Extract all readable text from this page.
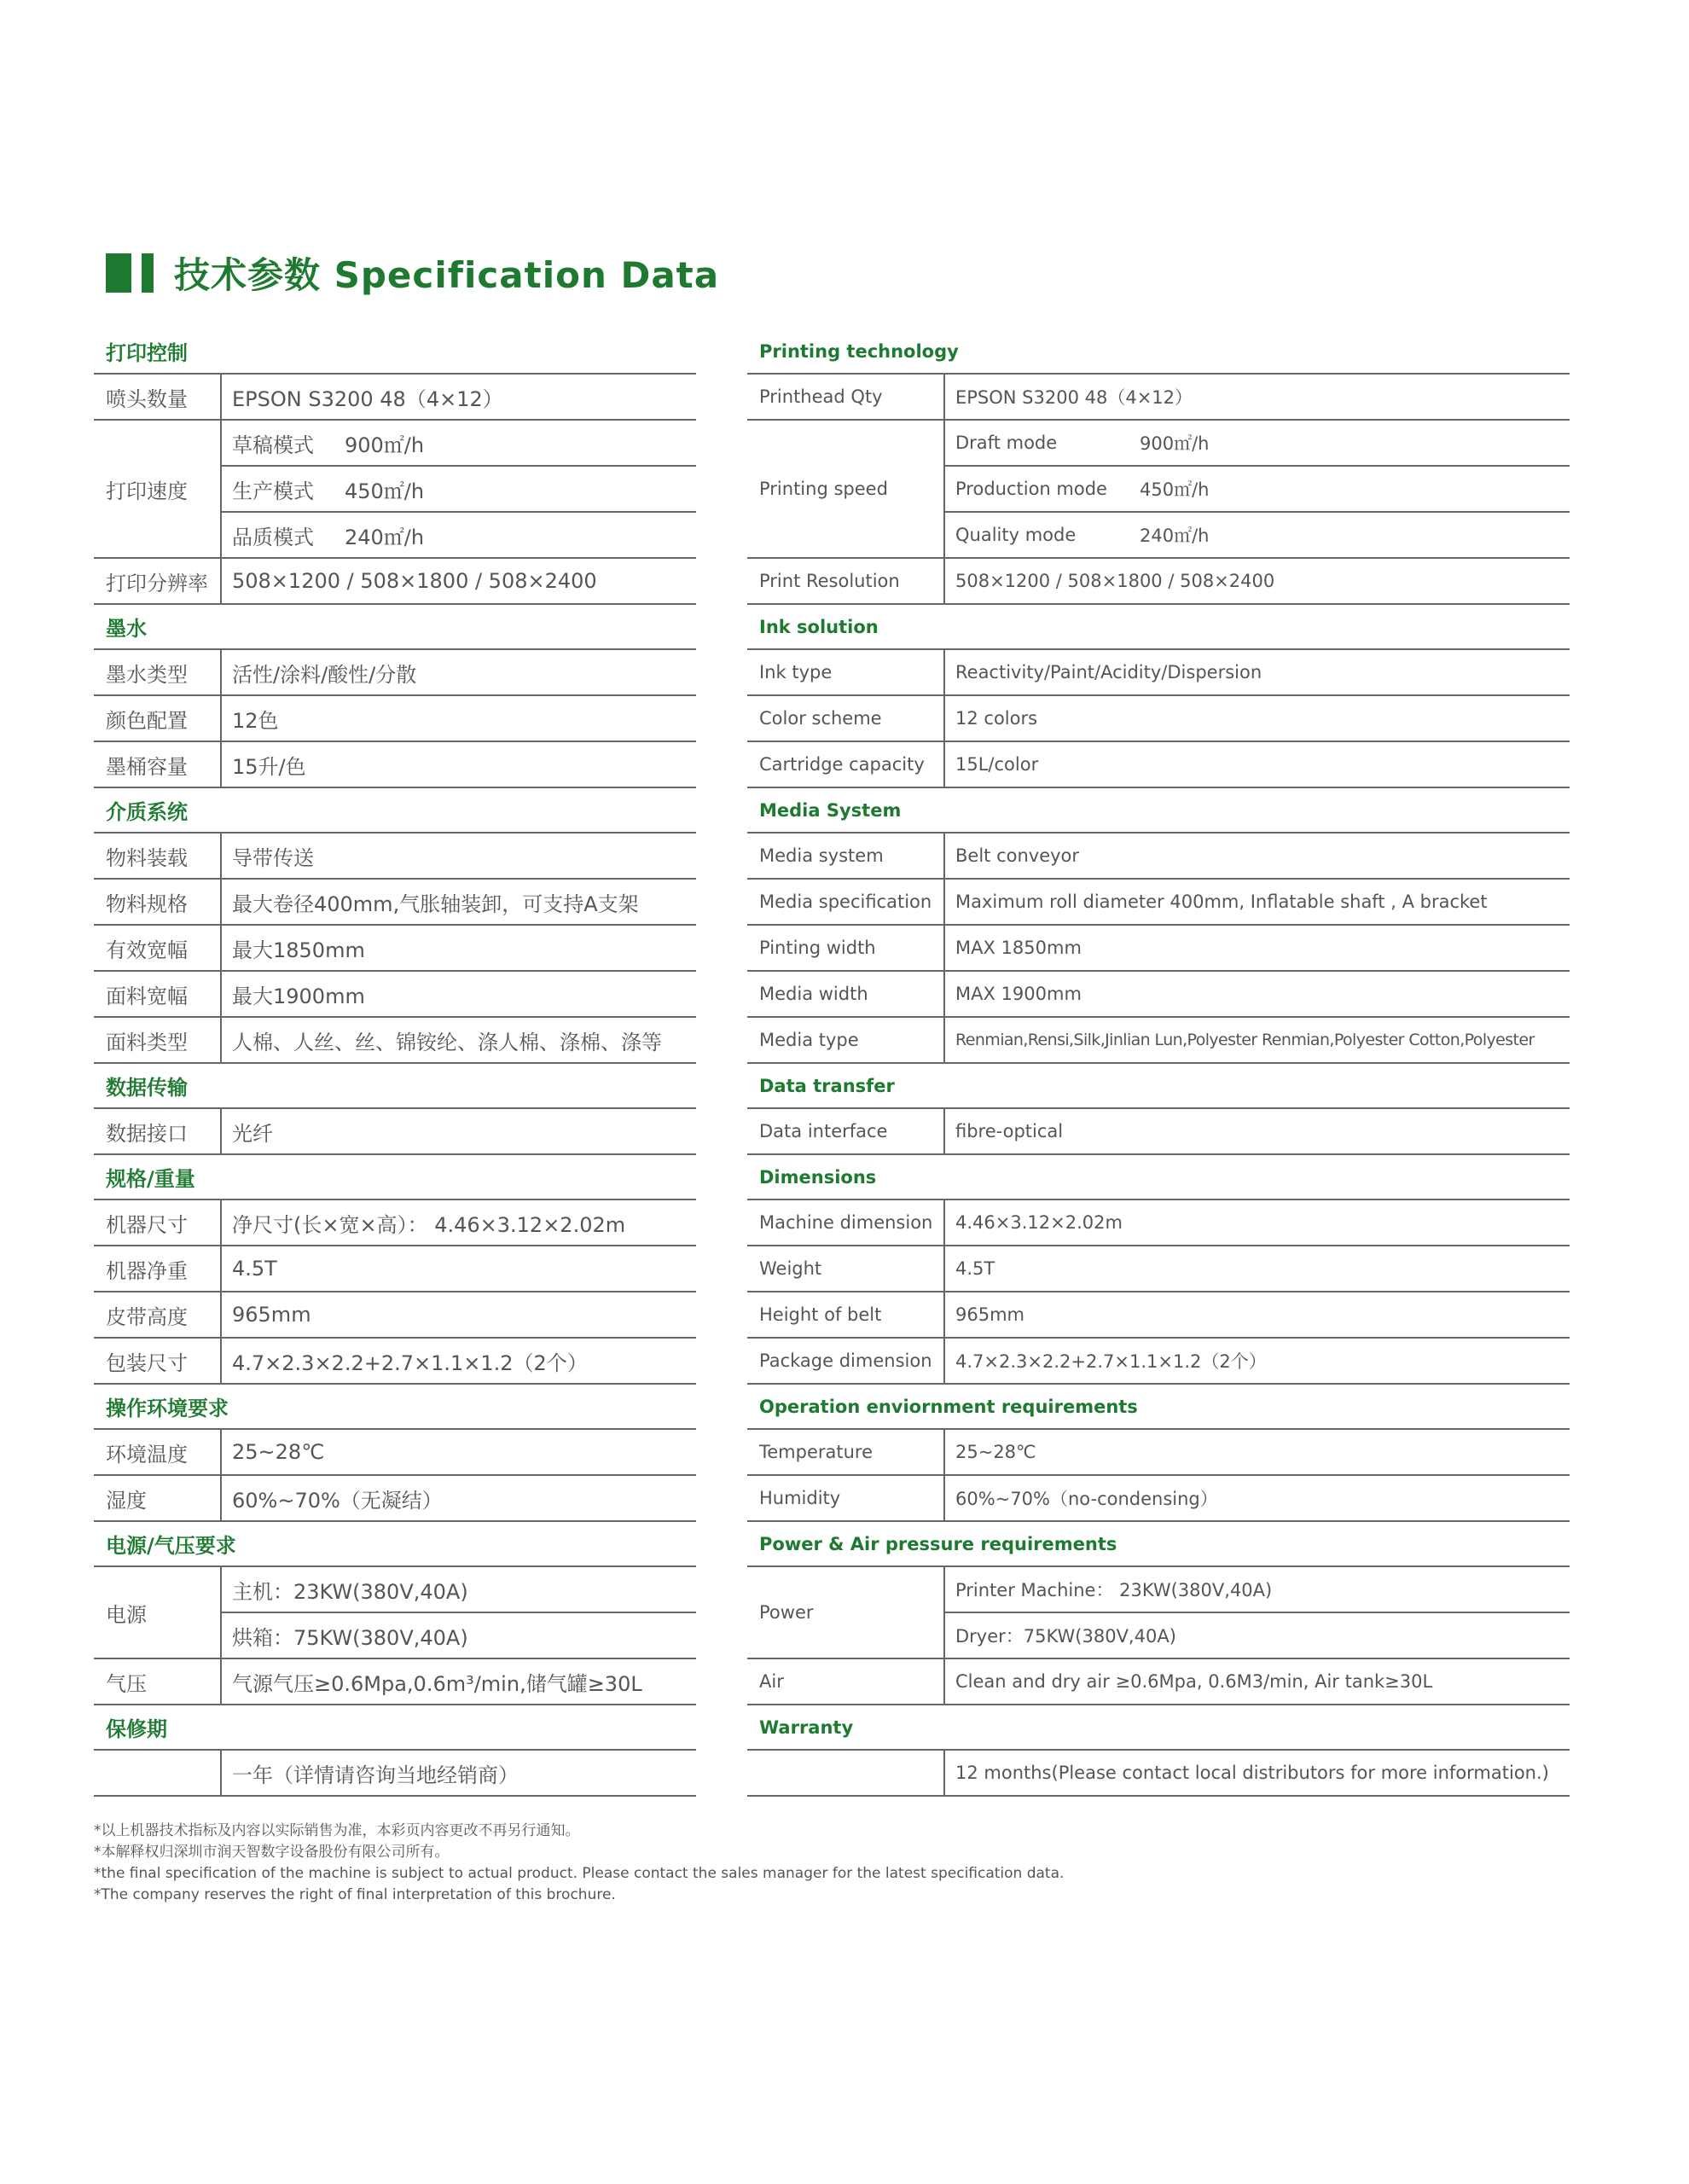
技术参数 Specification Data
打印控制
喷头数量	EPSON S3200 48（4×12）
打印速度
草稿模式	900㎡/h
生产模式	450㎡/h
品质模式	240㎡/h
打印分辨率	508×1200 / 508×1800 / 508×2400
墨水
墨水类型	活性/涂料/酸性/分散
颜色配置	12色
墨桶容量	15升/色
介质系统
物料装载	导带传送
物料规格	最大卷径400mm,气胀轴装卸，可支持A支架
有效宽幅	最大1850mm
面料宽幅	最大1900mm
面料类型	人棉、人丝、丝、锦铵纶、涤人棉、涤棉、涤等
数据传输
数据接口	光纤
规格/重量
机器尺寸	净尺寸(长×宽×高）： 4.46×3.12×2.02m
机器净重	4.5T
皮带高度	965mm
包装尺寸	4.7×2.3×2.2+2.7×1.1×1.2（2个）
操作环境要求
环境温度	25~28℃
湿度	60%~70%（无凝结）
电源/气压要求
电源
主机：23KW(380V,40A)
烘箱：75KW(380V,40A)
气压	气源气压≥0.6Mpa,0.6m³/min,储气罐≥30L
保修期
一年（详情请咨询当地经销商）
Printing technology
Printhead Qty	EPSON S3200 48（4×12）
Printing speed
Draft mode	900㎡/h
Production mode	450㎡/h
Quality mode	240㎡/h
Print Resolution	508×1200 / 508×1800 / 508×2400
Ink solution
Ink type	Reactivity/Paint/Acidity/Dispersion
Color scheme	12 colors
Cartridge capacity	15L/color
Media System
Media system	Belt conveyor
Media specification	Maximum roll diameter 400mm, Inflatable shaft , A bracket
Pinting width	MAX 1850mm
Media width	MAX 1900mm
Media type	Renmian,Rensi,Silk,Jinlian Lun,Polyester Renmian,Polyester Cotton,Polyester
Data transfer
Data interface	fibre-optical
Dimensions
Machine dimension	4.46×3.12×2.02m
Weight	4.5T
Height of belt	965mm
Package dimension	4.7×2.3×2.2+2.7×1.1×1.2（2个）
Operation enviornment requirements
Temperature	25~28℃
Humidity	60%~70%（no-condensing）
Power & Air pressure requirements
Power
Printer Machine： 23KW(380V,40A)
Dryer：75KW(380V,40A)
Air	Clean and dry air ≥0.6Mpa, 0.6M3/min, Air tank≥30L
Warranty
12 months(Please contact local distributors for more information.)
*以上机器技术指标及内容以实际销售为准，本彩页内容更改不再另行通知。
*本解释权归深圳市润天智数字设备股份有限公司所有。
*the final specification of the machine is subject to actual product. Please contact the sales manager for the latest specification data.
*The company reserves the right of final interpretation of this brochure.
